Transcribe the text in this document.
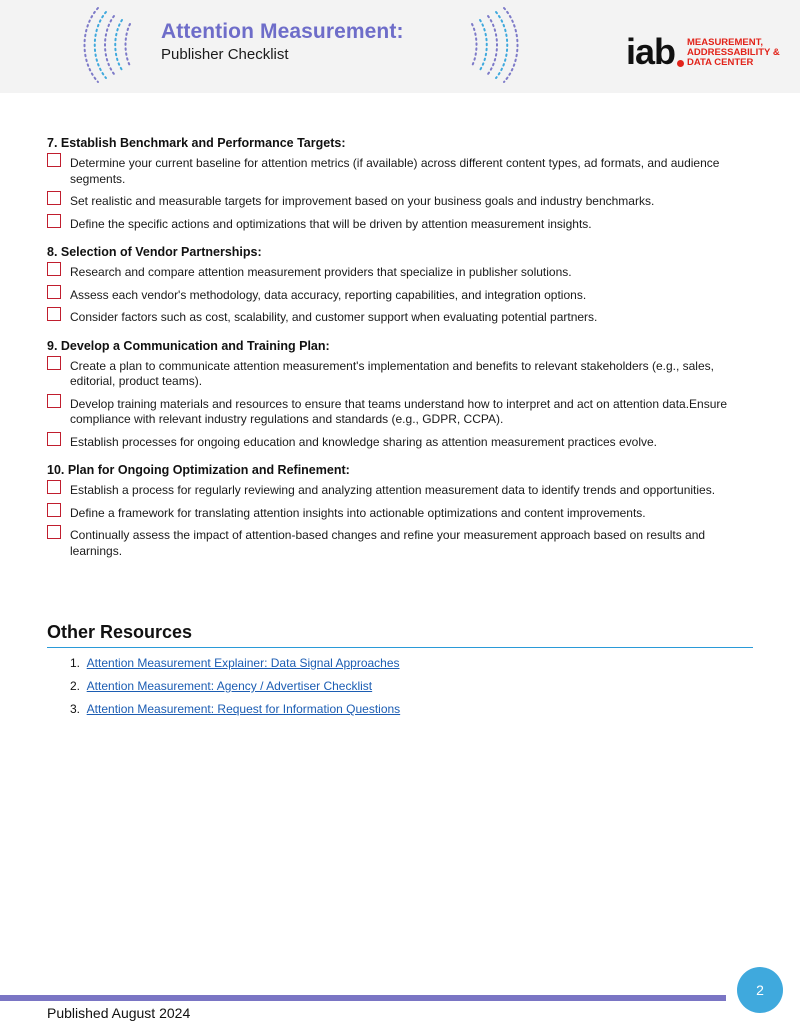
Attention Measurement:
Publisher Checklist	iab MEASUREMENT,
ADDRESSABILITY &
DATA CENTER
7. Establish Benchmark and Performance Targets:
Determine your current baseline for attention metrics (if available) across different content types, ad formats, and audience segments.
Set realistic and measurable targets for improvement based on your business goals and industry benchmarks.
Define the specific actions and optimizations that will be driven by attention measurement insights.
8. Selection of Vendor Partnerships:
Research and compare attention measurement providers that specialize in publisher solutions.
Assess each vendor's methodology, data accuracy, reporting capabilities, and integration options.
Consider factors such as cost, scalability, and customer support when evaluating potential partners.
9. Develop a Communication and Training Plan:
Create a plan to communicate attention measurement's implementation and benefits to relevant stakeholders (e.g., sales, editorial, product teams).
Develop training materials and resources to ensure that teams understand how to interpret and act on attention data.Ensure compliance with relevant industry regulations and standards (e.g., GDPR, CCPA).
Establish processes for ongoing education and knowledge sharing as attention measurement practices evolve.
10. Plan for Ongoing Optimization and Refinement:
Establish a process for regularly reviewing and analyzing attention measurement data to identify trends and opportunities.
Define a framework for translating attention insights into actionable optimizations and content improvements.
Continually assess the impact of attention-based changes and refine your measurement approach based on results and learnings.
Other Resources
1. Attention Measurement Explainer: Data Signal Approaches
2. Attention Measurement: Agency / Advertiser Checklist
3. Attention Measurement: Request for Information Questions
2
Published August 2024
